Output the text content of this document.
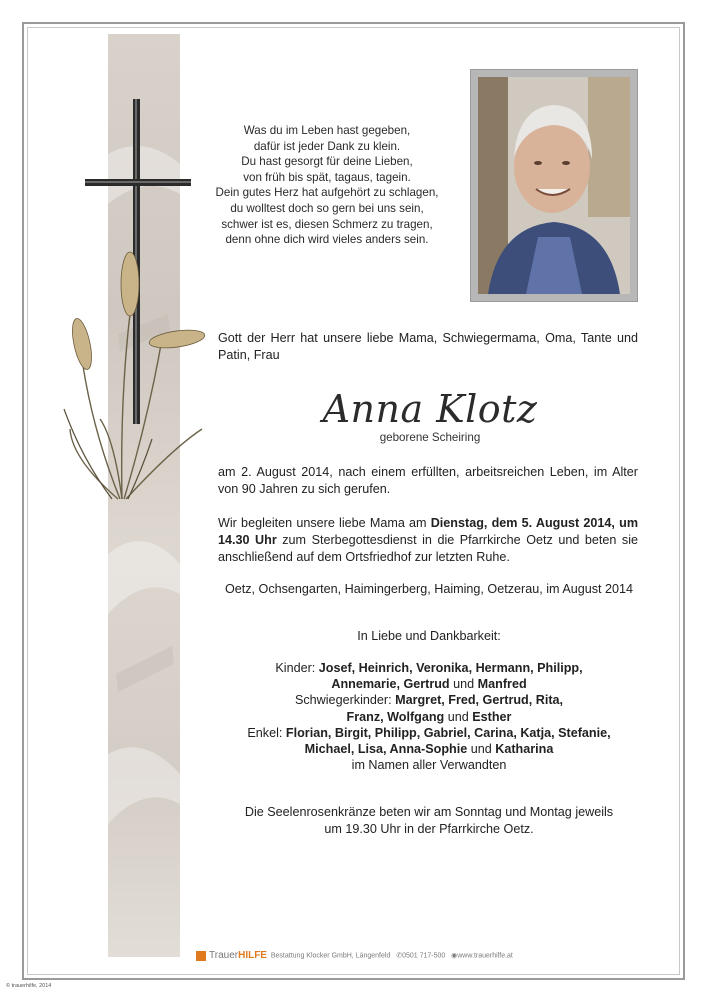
Was du im Leben hast gegeben,
dafür ist jeder Dank zu klein.
Du hast gesorgt für deine Lieben,
von früh bis spät, tagaus, tagein.
Dein gutes Herz hat aufgehört zu schlagen,
du wolltest doch so gern bei uns sein,
schwer ist es, diesen Schmerz zu tragen,
denn ohne dich wird vieles anders sein.
Gott der Herr hat unsere liebe Mama, Schwiegermama, Oma, Tante und Patin, Frau
Anna Klotz
geborene Scheiring
am 2. August 2014, nach einem erfüllten, arbeitsreichen Leben, im Alter von 90 Jahren zu sich gerufen.
Wir begleiten unsere liebe Mama am Dienstag, dem 5. August 2014, um 14.30 Uhr zum Sterbegottesdienst in die Pfarrkirche Oetz und beten sie anschließend auf dem Ortsfriedhof zur letzten Ruhe.
Oetz, Ochsengarten, Haimingerberg, Haiming, Oetzerau, im August 2014
In Liebe und Dankbarkeit:
Kinder: Josef, Heinrich, Veronika, Hermann, Philipp,
Annemarie, Gertrud und Manfred
Schwiegerkinder: Margret, Fred, Gertrud, Rita,
Franz, Wolfgang und Esther
Enkel: Florian, Birgit, Philipp, Gabriel, Carina, Katja, Stefanie,
Michael, Lisa, Anna-Sophie und Katharina
im Namen aller Verwandten
Die Seelenrosenkränze beten wir am Sonntag und Montag jeweils
um 19.30 Uhr in der Pfarrkirche Oetz.
TrauerHILFE Bestattung Klocker GmbH, Längenfeld ✆0501 717-500 ◉www.trauerhilfe.at
© trauerhilfe, 2014
